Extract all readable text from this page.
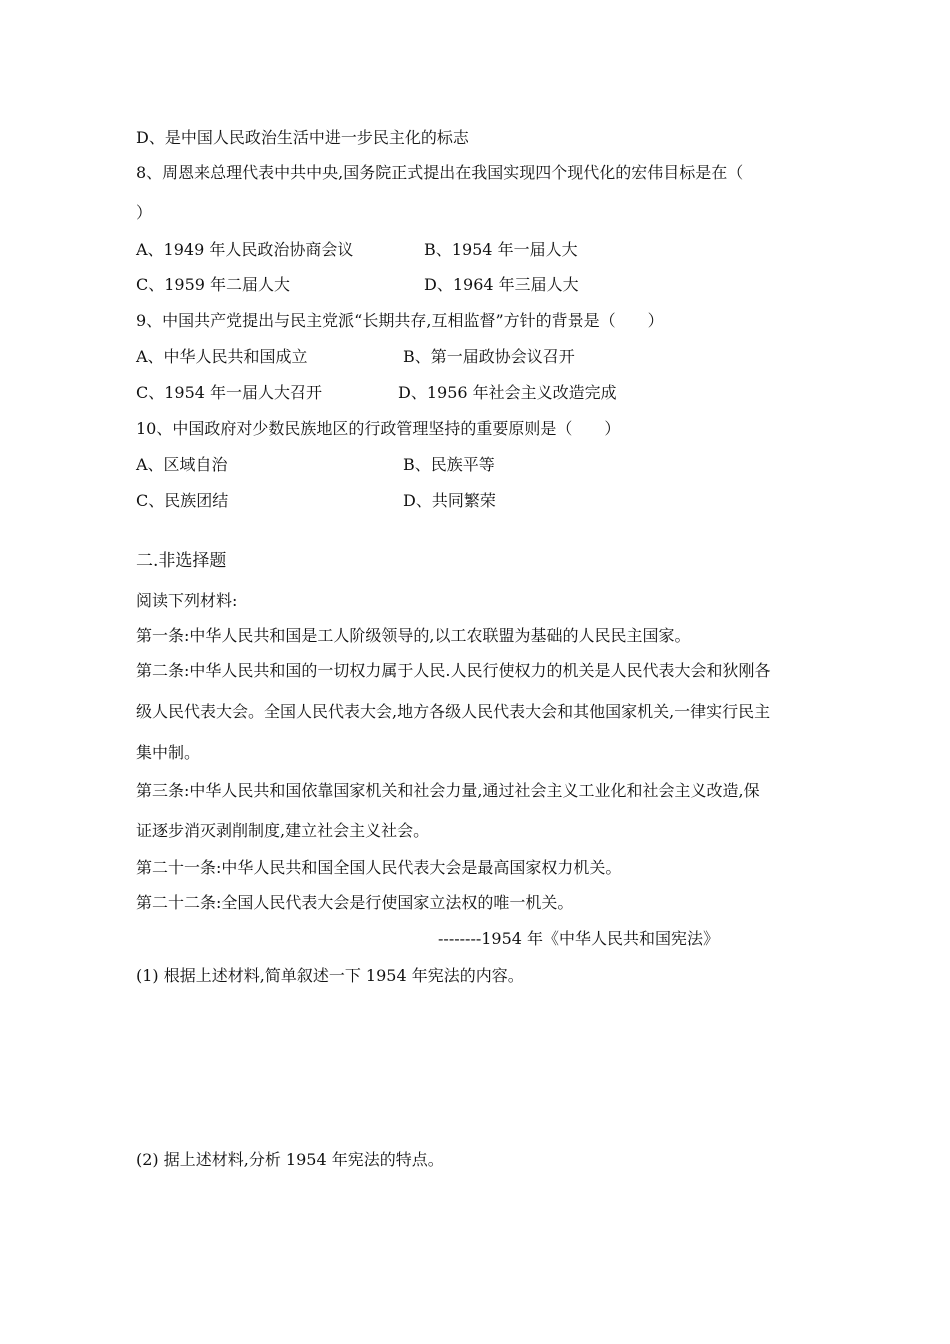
D、是中国人民政治生活中进一步民主化的标志
8、周恩来总理代表中共中央,国务院正式提出在我国实现四个现代化的宏伟目标是在（
）
A、1949 年人民政治协商会议	B、1954 年一届人大
C、1959 年二届人大	D、1964 年三届人大
9、中国共产党提出与民主党派“长期共存,互相监督”方针的背景是（　　）
A、中华人民共和国成立	B、第一届政协会议召开
C、1954 年一届人大召开	D、1956 年社会主义改造完成
10、中国政府对少数民族地区的行政管理坚持的重要原则是（　　）
A、区域自治	B、民族平等
C、民族团结	D、共同繁荣
二.非选择题
阅读下列材料:
第一条:中华人民共和国是工人阶级领导的,以工农联盟为基础的人民民主国家。
第二条:中华人民共和国的一切权力属于人民.人民行使权力的机关是人民代表大会和狄刚各
级人民代表大会。全国人民代表大会,地方各级人民代表大会和其他国家机关,一律实行民主
集中制。
第三条:中华人民共和国依靠国家机关和社会力量,通过社会主义工业化和社会主义改造,保
证逐步消灭剥削制度,建立社会主义社会。
第二十一条:中华人民共和国全国人民代表大会是最高国家权力机关。
第二十二条:全国人民代表大会是行使国家立法权的唯一机关。
--------1954 年《中华人民共和国宪法》
(1) 根据上述材料,简单叙述一下 1954 年宪法的内容。
(2) 据上述材料,分析 1954 年宪法的特点。
